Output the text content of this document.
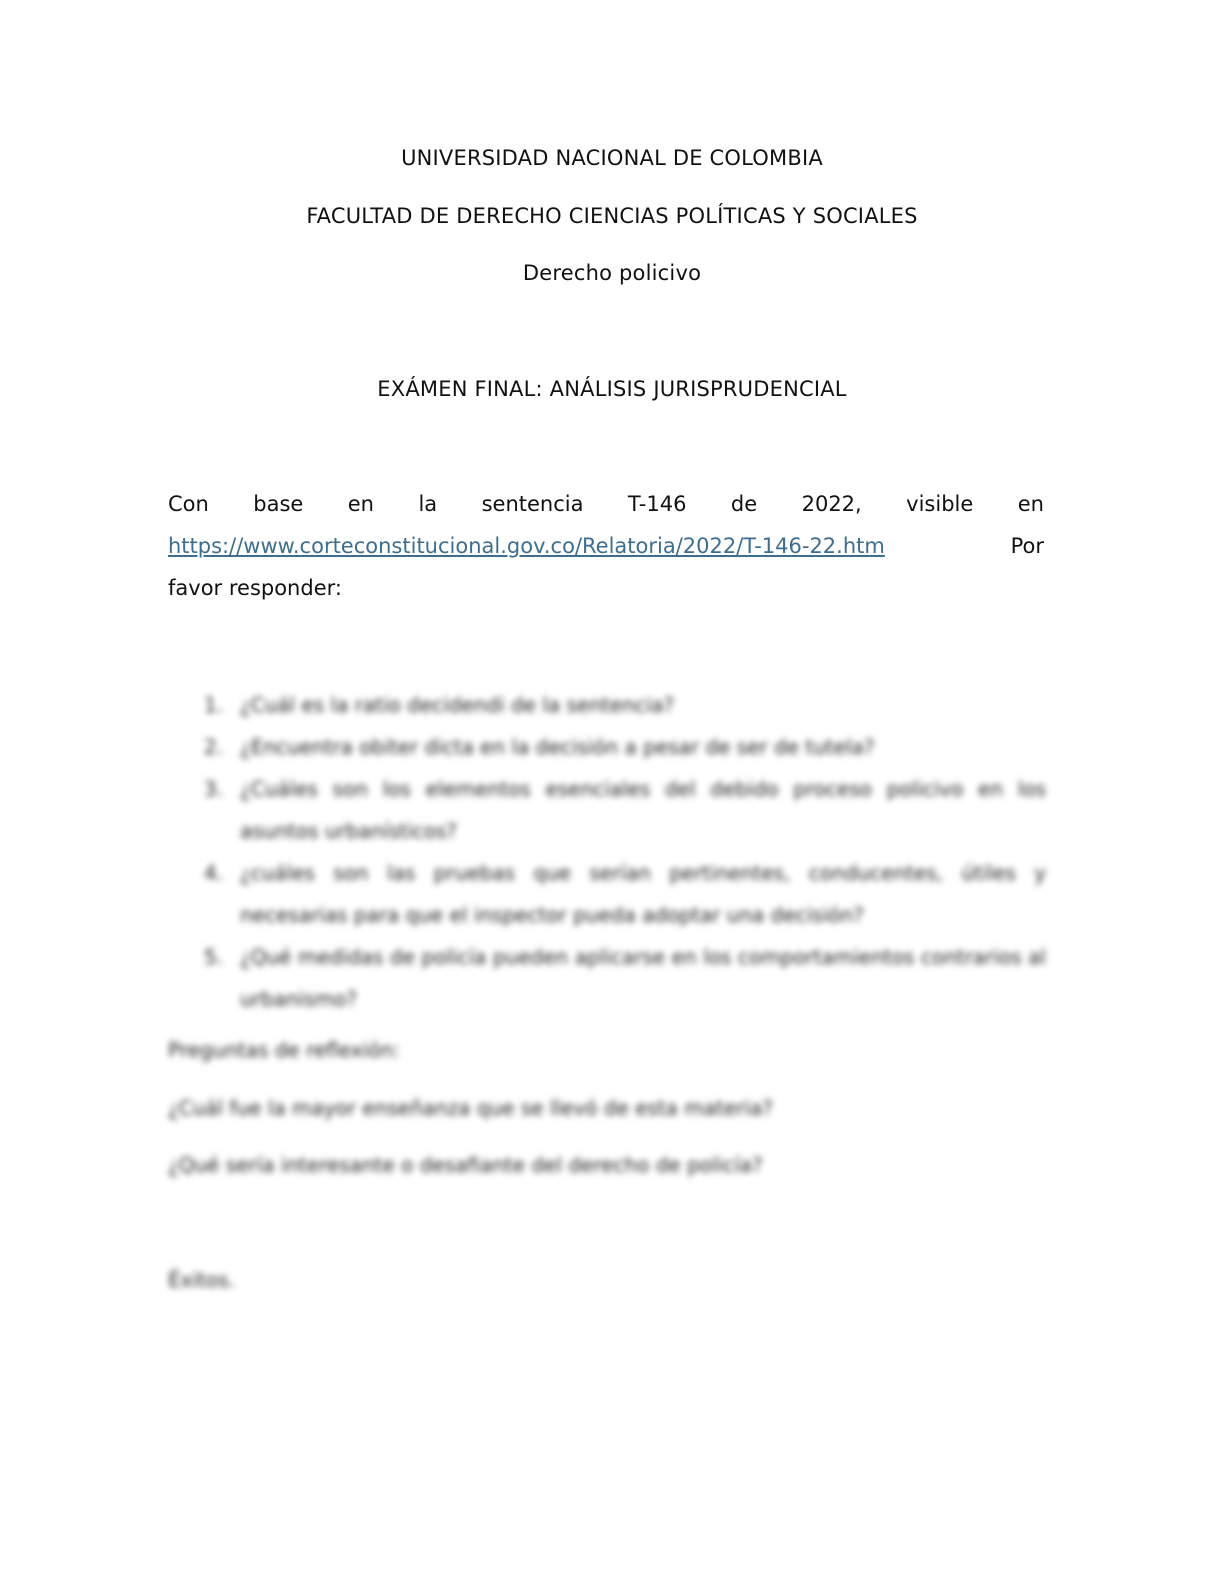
UNIVERSIDAD NACIONAL DE COLOMBIA
FACULTAD DE DERECHO CIENCIAS POLÍTICAS Y SOCIALES
Derecho policivo
EXÁMEN FINAL: ANÁLISIS JURISPRUDENCIAL
Con base en la sentencia T-146 de 2022, visible en
https://www.corteconstitucional.gov.co/Relatoria/2022/T-146-22.htm	Por
favor responder:
1. ¿Cuál es la ratio decidendi de la sentencia?
2. ¿Encuentra obiter dicta en la decisión a pesar de ser de tutela?
3. ¿Cuáles son los elementos esenciales del debido proceso policivo en los asuntos urbanísticos?
4. ¿cuáles son las pruebas que serían pertinentes, conducentes, útiles y necesarias para que el inspector pueda adoptar una decisión?
5. ¿Qué medidas de policía pueden aplicarse en los comportamientos contrarios al urbanismo?
Preguntas de reflexión:
¿Cuál fue la mayor enseñanza que se llevó de esta materia?
¿Qué sería interesante o desafiante del derecho de policía?
Éxitos.
